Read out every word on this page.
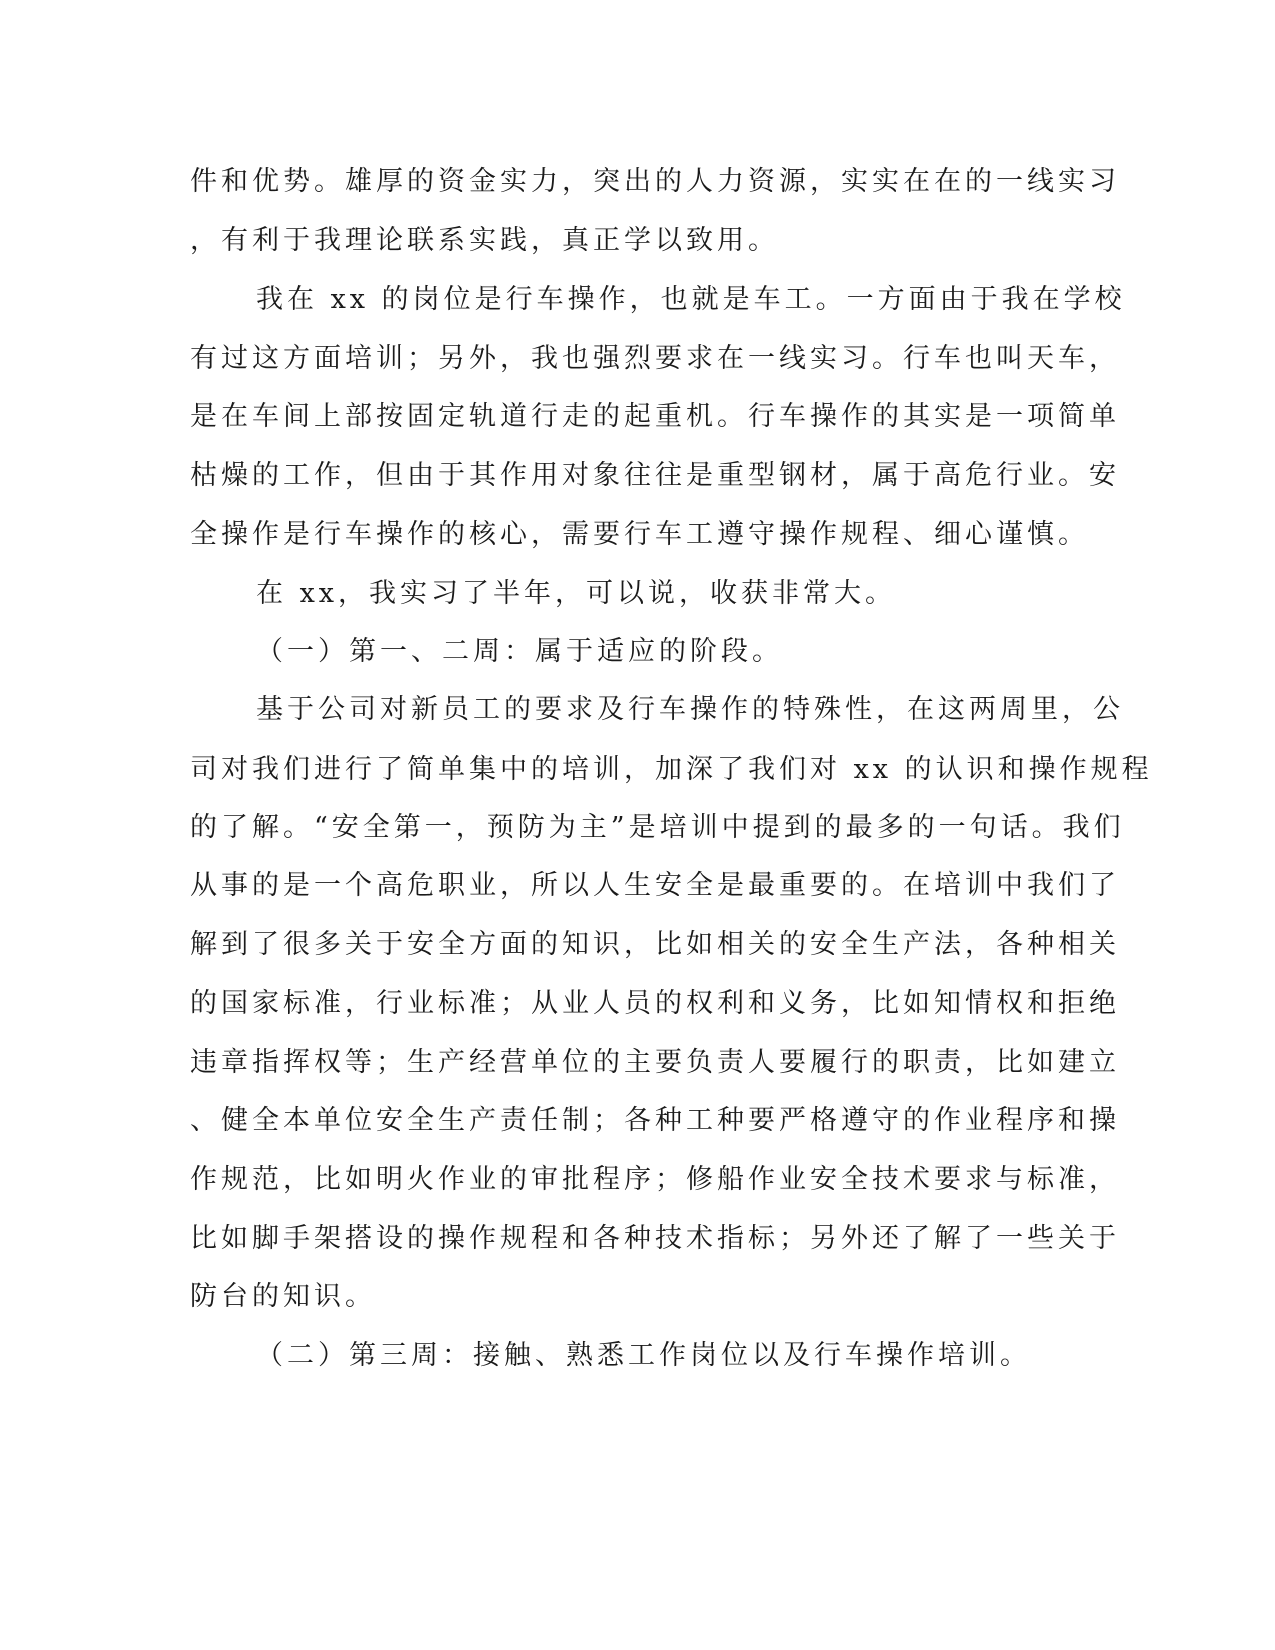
件和优势。雄厚的资金实力，突出的人力资源，实实在在的一线实习
，有利于我理论联系实践，真正学以致用。
我在 xx 的岗位是行车操作，也就是车工。一方面由于我在学校
有过这方面培训；另外，我也强烈要求在一线实习。行车也叫天车，
是在车间上部按固定轨道行走的起重机。行车操作的其实是一项简单
枯燥的工作，但由于其作用对象往往是重型钢材，属于高危行业。安
全操作是行车操作的核心，需要行车工遵守操作规程、细心谨慎。
在 xx，我实习了半年，可以说，收获非常大。
（一）第一、二周：属于适应的阶段。
基于公司对新员工的要求及行车操作的特殊性，在这两周里，公
司对我们进行了简单集中的培训，加深了我们对 xx 的认识和操作规程
的了解。“安全第一，预防为主”是培训中提到的最多的一句话。我们
从事的是一个高危职业，所以人生安全是最重要的。在培训中我们了
解到了很多关于安全方面的知识，比如相关的安全生产法，各种相关
的国家标准，行业标准；从业人员的权利和义务，比如知情权和拒绝
违章指挥权等；生产经营单位的主要负责人要履行的职责，比如建立
、健全本单位安全生产责任制；各种工种要严格遵守的作业程序和操
作规范，比如明火作业的审批程序；修船作业安全技术要求与标准，
比如脚手架搭设的操作规程和各种技术指标；另外还了解了一些关于
防台的知识。
（二）第三周：接触、熟悉工作岗位以及行车操作培训。
